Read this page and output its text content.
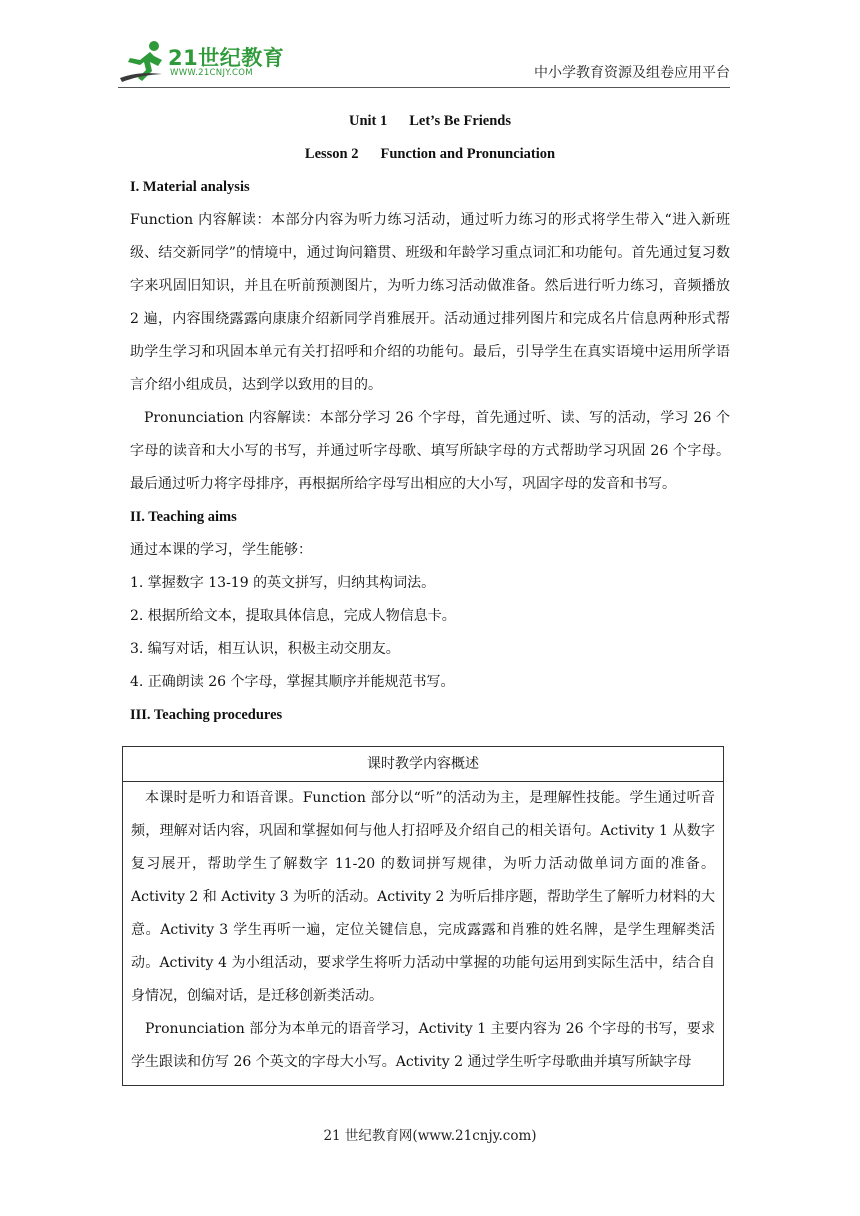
21世纪教育
WWW.21CNJY.COM	中小学教育资源及组卷应用平台
Unit 1 Let’s Be Friends
Lesson 2 Function and Pronunciation
I. Material analysis
Function 内容解读：本部分内容为听力练习活动，通过听力练习的形式将学生带入“进入新班级、结交新同学”的情境中，通过询问籍贯、班级和年龄学习重点词汇和功能句。首先通过复习数字来巩固旧知识，并且在听前预测图片，为听力练习活动做准备。然后进行听力练习，音频播放 2 遍，内容围绕露露向康康介绍新同学肖雅展开。活动通过排列图片和完成名片信息两种形式帮助学生学习和巩固本单元有关打招呼和介绍的功能句。最后，引导学生在真实语境中运用所学语言介绍小组成员，达到学以致用的目的。
Pronunciation 内容解读：本部分学习 26 个字母，首先通过听、读、写的活动，学习 26 个字母的读音和大小写的书写，并通过听字母歌、填写所缺字母的方式帮助学习巩固 26 个字母。最后通过听力将字母排序，再根据所给字母写出相应的大小写，巩固字母的发音和书写。
II. Teaching aims
通过本课的学习，学生能够：
1. 掌握数字 13-19 的英文拼写，归纳其构词法。
2. 根据所给文本，提取具体信息，完成人物信息卡。
3. 编写对话，相互认识，积极主动交朋友。
4. 正确朗读 26 个字母，掌握其顺序并能规范书写。
III. Teaching procedures
课时教学内容概述
本课时是听力和语音课。Function 部分以“听”的活动为主，是理解性技能。学生通过听音频，理解对话内容，巩固和掌握如何与他人打招呼及介绍自己的相关语句。Activity 1 从数字复习展开，帮助学生了解数字 11-20 的数词拼写规律，为听力活动做单词方面的准备。Activity 2 和 Activity 3 为听的活动。Activity 2 为听后排序题，帮助学生了解听力材料的大意。Activity 3 学生再听一遍，定位关键信息，完成露露和肖雅的姓名牌，是学生理解类活动。Activity 4 为小组活动，要求学生将听力活动中掌握的功能句运用到实际生活中，结合自身情况，创编对话，是迁移创新类活动。
Pronunciation 部分为本单元的语音学习，Activity 1 主要内容为 26 个字母的书写，要求学生跟读和仿写 26 个英文的字母大小写。Activity 2 通过学生听字母歌曲并填写所缺字母
21 世纪教育网(www.21cnjy.com)
